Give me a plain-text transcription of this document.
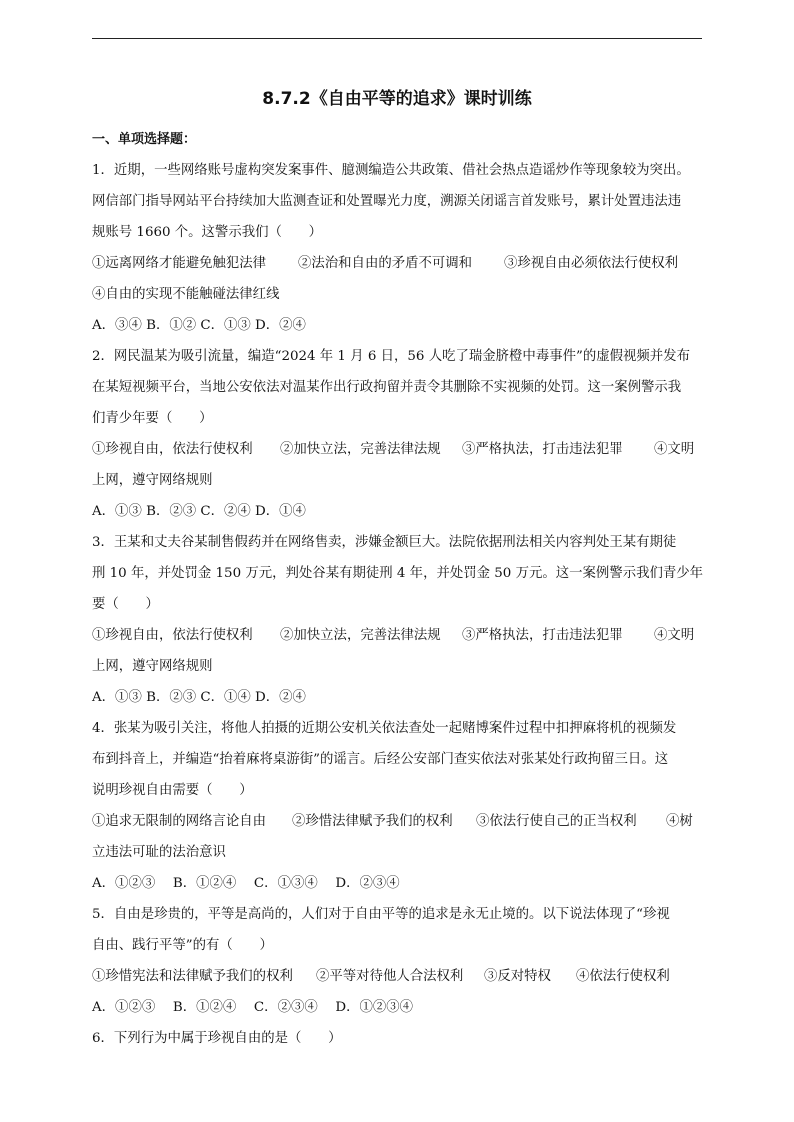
8.7.2《自由平等的追求》课时训练
一、单项选择题：
1．近期，一些网络账号虚构突发案事件、臆测编造公共政策、借社会热点造谣炒作等现象较为突出。
网信部门指导网站平台持续加大监测查证和处置曝光力度，溯源关闭谣言首发账号，累计处置违法违
规账号 1660 个。这警示我们（　　）
①远离网络才能避免触犯法律 ②法治和自由的矛盾不可调和 ③珍视自由必须依法行使权利
④自由的实现不能触碰法律红线
A．③④ B．①② C．①③ D．②④
2．网民温某为吸引流量，编造“2024 年 1 月 6 日，56 人吃了瑞金脐橙中毒事件”的虚假视频并发布
在某短视频平台，当地公安依法对温某作出行政拘留并责令其删除不实视频的处罚。这一案例警示我
们青少年要（　　）
①珍视自由，依法行使权利 ②加快立法，完善法律法规 ③严格执法，打击违法犯罪 ④文明
上网，遵守网络规则
A．①③ B．②③ C．②④ D．①④
3．王某和丈夫谷某制售假药并在网络售卖，涉嫌金额巨大。法院依据刑法相关内容判处王某有期徒
刑 10 年，并处罚金 150 万元，判处谷某有期徒刑 4 年，并处罚金 50 万元。这一案例警示我们青少年
要（　　）
①珍视自由，依法行使权利 ②加快立法，完善法律法规 ③严格执法，打击违法犯罪 ④文明
上网，遵守网络规则
A．①③ B．②③ C．①④ D．②④
4．张某为吸引关注，将他人拍摄的近期公安机关依法查处一起赌博案件过程中扣押麻将机的视频发
布到抖音上，并编造“抬着麻将桌游街”的谣言。后经公安部门查实依法对张某处行政拘留三日。这
说明珍视自由需要（　　）
①追求无限制的网络言论自由 ②珍惜法律赋予我们的权利 ③依法行使自己的正当权利 ④树
立违法可耻的法治意识
A．①②③　 B．①②④　 C．①③④　 D．②③④
5．自由是珍贵的，平等是高尚的，人们对于自由平等的追求是永无止境的。以下说法体现了“珍视
自由、践行平等”的有（　　）
①珍惜宪法和法律赋予我们的权利 ②平等对待他人合法权利 ③反对特权 ④依法行使权利
A．①②③　 B．①②④　 C．②③④　 D．①②③④
6．下列行为中属于珍视自由的是（　　）
